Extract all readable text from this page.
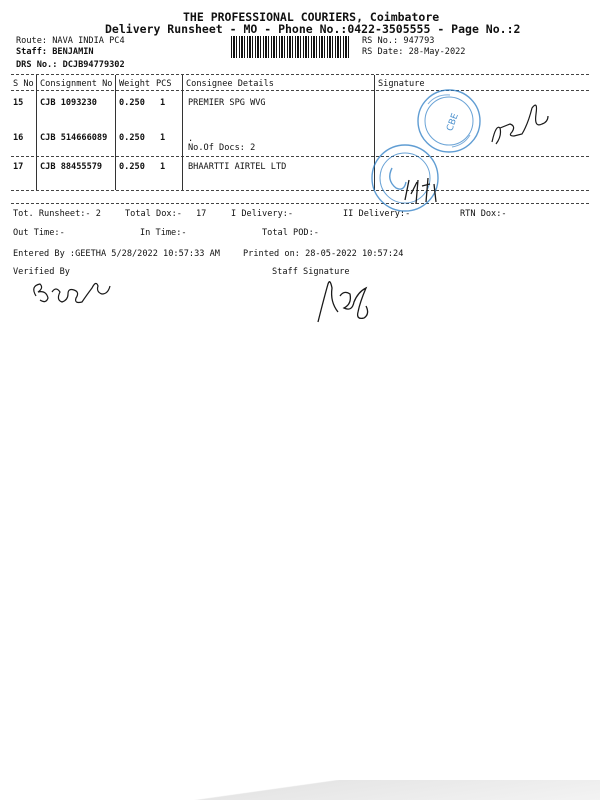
THE PROFESSIONAL COURIERS, Coimbatore
Delivery Runsheet - MO - Phone No.:0422-3505555 - Page No.:2
Route: NAVA INDIA PC4
Staff: BENJAMIN
DRS No.: DCJB94779302
RS No.: 947793
RS Date: 28-May-2022
S No Consignment No Weight PCS Consignee Details	Signature
15 CJB 1093230	0.250 1	PREMIER SPG WVG
16 CJB 514666089 0.250 1	.
No.Of Docs: 2
17 CJB 88455579 0.250 1	BHAARTTI AIRTEL LTD
Tot. Runsheet:- 2	Total Dox:- 17	I Delivery:-	II Delivery:-	RTN Dox:-
Out Time:-	In Time:-	Total POD:-
Entered By :GEETHA 5/28/2022 10:57:33 AM	Printed on: 28-05-2022 10:57:24
Verified By	Staff Signature
CBE
